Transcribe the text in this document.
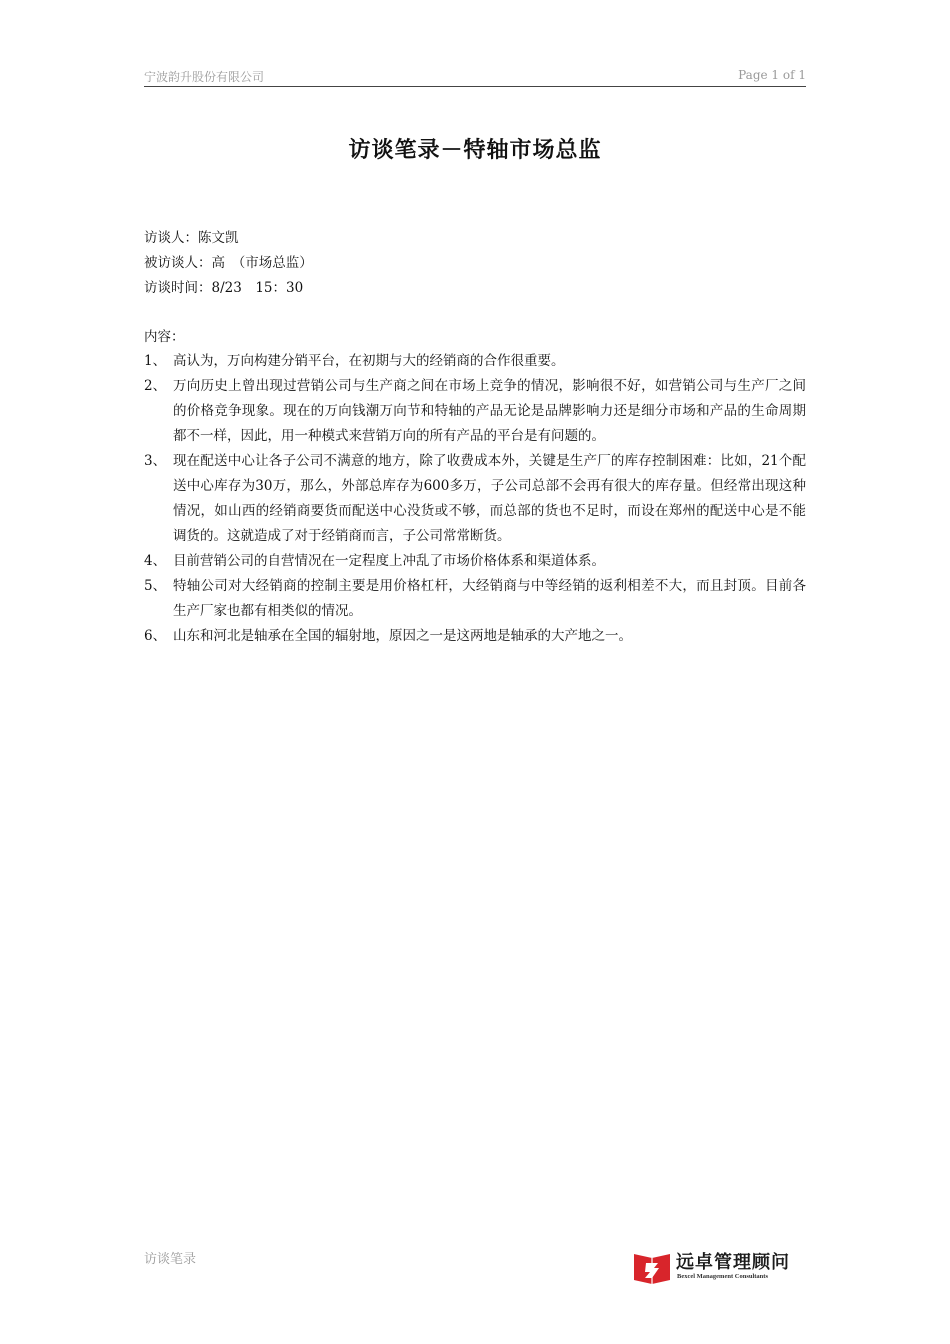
宁波韵升股份有限公司	Page 1 of 1
访谈笔录－特轴市场总监
访谈人：陈文凯
被访谈人：高　（市场总监）
访谈时间：8/23　15：30
内容：
1、 高认为，万向构建分销平台，在初期与大的经销商的合作很重要。
2、 万向历史上曾出现过营销公司与生产商之间在市场上竞争的情况，影响很不好，如营销公司与生产厂之间的价格竞争现象。现在的万向钱潮万向节和特轴的产品无论是品牌影响力还是细分市场和产品的生命周期都不一样，因此，用一种模式来营销万向的所有产品的平台是有问题的。
3、 现在配送中心让各子公司不满意的地方，除了收费成本外，关键是生产厂的库存控制困难：比如，21个配送中心库存为30万，那么，外部总库存为600多万，子公司总部不会再有很大的库存量。但经常出现这种情况，如山西的经销商要货而配送中心没货或不够，而总部的货也不足时，而设在郑州的配送中心是不能调货的。这就造成了对于经销商而言，子公司常常断货。
4、 目前营销公司的自营情况在一定程度上冲乱了市场价格体系和渠道体系。
5、 特轴公司对大经销商的控制主要是用价格杠杆，大经销商与中等经销的返利相差不大，而且封顶。目前各生产厂家也都有相类似的情况。
6、 山东和河北是轴承在全国的辐射地，原因之一是这两地是轴承的大产地之一。
访谈笔录	远卓管理顾问
Bexcel Management Consultants
